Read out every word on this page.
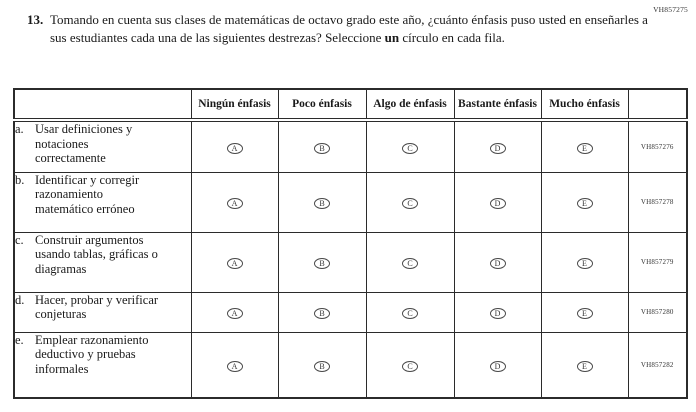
VH857275
13. Tomando en cuenta sus clases de matemáticas de octavo grado este año, ¿cuánto énfasis puso usted en enseñarles a sus estudiantes cada una de las siguientes destrezas? Seleccione un círculo en cada fila.
	Ningún énfasis	Poco énfasis	Algo de énfasis	Bastante énfasis	Mucho énfasis	

a. Usar definiciones y notaciones correctamente	A	B	C	D	E	VH857276

b. Identificar y corregir razonamiento matemático erróneo	A	B	C	D	E	VH857278

c. Construir argumentos usando tablas, gráficas o diagramas	A	B	C	D	E	VH857279

d. Hacer, probar y verificar conjeturas	A	B	C	D	E	VH857280

e. Emplear razonamiento deductivo y pruebas informales	A	B	C	D	E	VH857282
